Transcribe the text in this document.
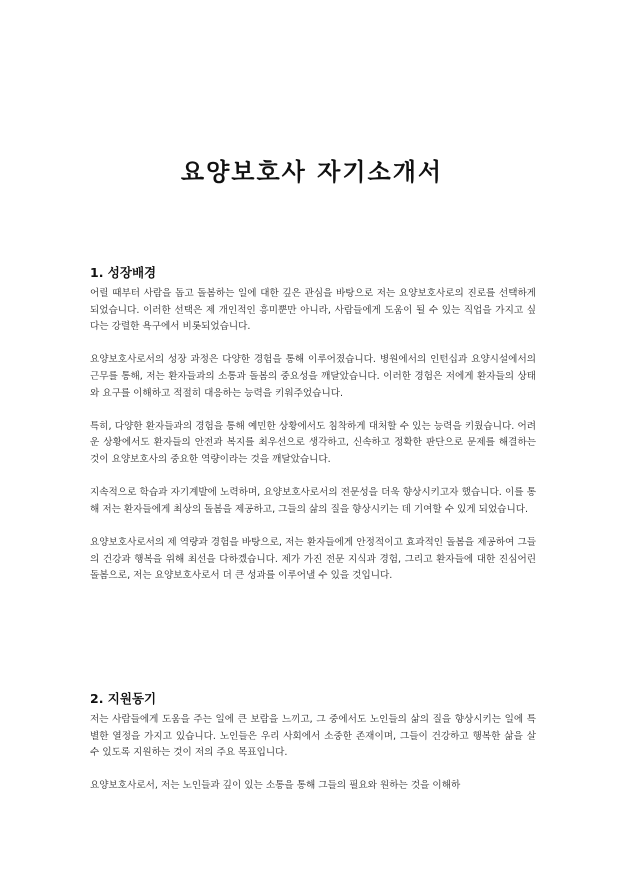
요양보호사 자기소개서
1. 성장배경

어릴 때부터 사람을 돕고 돌봄하는 일에 대한 깊은 관심을 바탕으로 저는 요양보호사로의 진로를 선택하게 되었습니다. 이러한 선택은 제 개인적인 흥미뿐만 아니라, 사람들에게 도움이 될 수 있는 직업을 가지고 싶다는 강렬한 욕구에서 비롯되었습니다.

요양보호사로서의 성장 과정은 다양한 경험을 통해 이루어졌습니다. 병원에서의 인턴십과 요양시설에서의 근무를 통해, 저는 환자들과의 소통과 돌봄의 중요성을 깨달았습니다. 이러한 경험은 저에게 환자들의 상태와 요구를 이해하고 적절히 대응하는 능력을 키워주었습니다.

특히, 다양한 환자들과의 경험을 통해 예민한 상황에서도 침착하게 대처할 수 있는 능력을 키웠습니다. 어려운 상황에서도 환자들의 안전과 복지를 최우선으로 생각하고, 신속하고 정확한 판단으로 문제를 해결하는 것이 요양보호사의 중요한 역량이라는 것을 깨달았습니다.

지속적으로 학습과 자기계발에 노력하며, 요양보호사로서의 전문성을 더욱 향상시키고자 했습니다. 이를 통해 저는 환자들에게 최상의 돌봄을 제공하고, 그들의 삶의 질을 향상시키는 데 기여할 수 있게 되었습니다.

요양보호사로서의 제 역량과 경험을 바탕으로, 저는 환자들에게 안정적이고 효과적인 돌봄을 제공하여 그들의 건강과 행복을 위해 최선을 다하겠습니다. 제가 가진 전문 지식과 경험, 그리고 환자들에 대한 진심어린 돌봄으로, 저는 요양보호사로서 더 큰 성과를 이루어낼 수 있을 것입니다.

2. 지원동기

저는 사람들에게 도움을 주는 일에 큰 보람을 느끼고, 그 중에서도 노인들의 삶의 질을 향상시키는 일에 특별한 열정을 가지고 있습니다. 노인들은 우리 사회에서 소중한 존재이며, 그들이 건강하고 행복한 삶을 살 수 있도록 지원하는 것이 저의 주요 목표입니다.

요양보호사로서, 저는 노인들과 깊이 있는 소통을 통해 그들의 필요와 원하는 것을 이해하
